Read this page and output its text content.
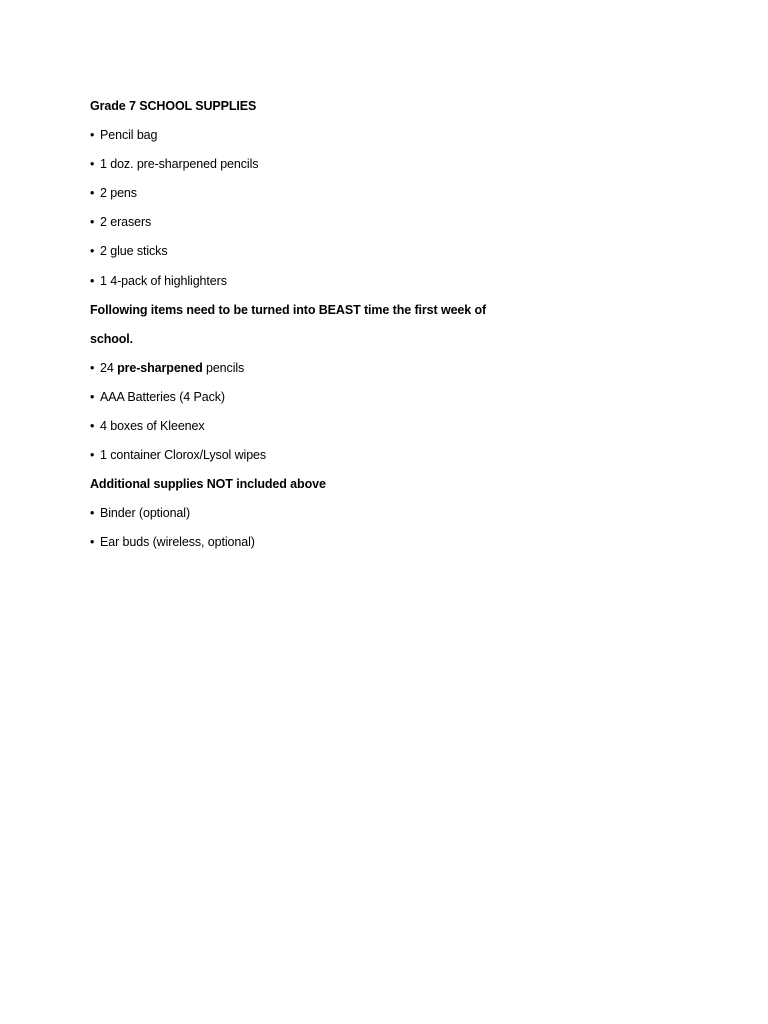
Grade 7 SCHOOL SUPPLIES
• Pencil bag
• 1 doz. pre-sharpened pencils
• 2 pens
• 2 erasers
• 2 glue sticks
• 1 4-pack of highlighters
Following items need to be turned into BEAST time the first week of
school.
• 24 pre-sharpened pencils
• AAA Batteries (4 Pack)
• 4 boxes of Kleenex
• 1 container Clorox/Lysol wipes
Additional supplies NOT included above
• Binder (optional)
• Ear buds (wireless, optional)
